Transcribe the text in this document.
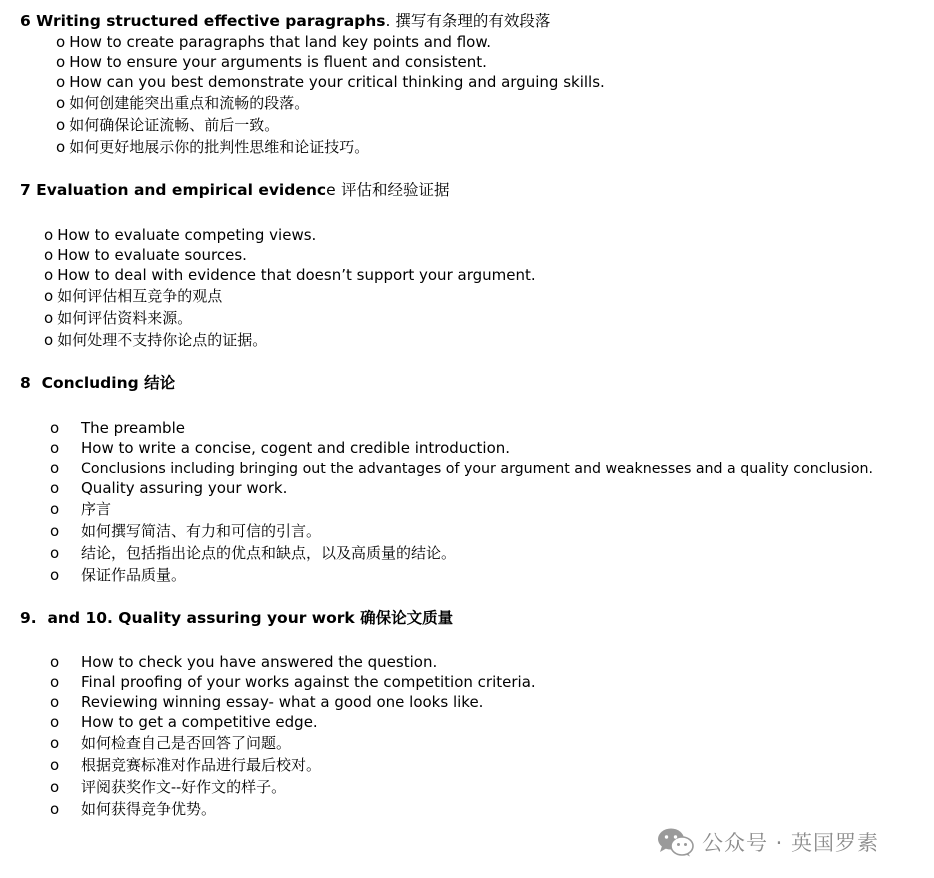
6 Writing structured effective paragraphs. 撰写有条理的有效段落
o How to create paragraphs that land key points and flow.
o How to ensure your arguments is fluent and consistent.
o How can you best demonstrate your critical thinking and arguing skills.
o 如何创建能突出重点和流畅的段落。
o 如何确保论证流畅、前后一致。
o 如何更好地展示你的批判性思维和论证技巧。
7 Evaluation and empirical evidence 评估和经验证据
o How to evaluate competing views.
o How to evaluate sources.
o How to deal with evidence that doesn’t support your argument.
o 如何评估相互竞争的观点
o 如何评估资料来源。
o 如何处理不支持你论点的证据。
8  Concluding 结论
o The preamble
o How to write a concise, cogent and credible introduction.
o Conclusions including bringing out the advantages of your argument and weaknesses and a quality conclusion.
o Quality assuring your work.
o 序言
o 如何撰写简洁、有力和可信的引言。
o 结论，包括指出论点的优点和缺点，以及高质量的结论。
o 保证作品质量。
9.  and 10. Quality assuring your work 确保论文质量
o How to check you have answered the question.
o Final proofing of your works against the competition criteria.
o Reviewing winning essay- what a good one looks like.
o How to get a competitive edge.
o 如何检查自己是否回答了问题。
o 根据竞赛标准对作品进行最后校对。
o 评阅获奖作文--好作文的样子。
o 如何获得竞争优势。
公众号 · 英国罗素
